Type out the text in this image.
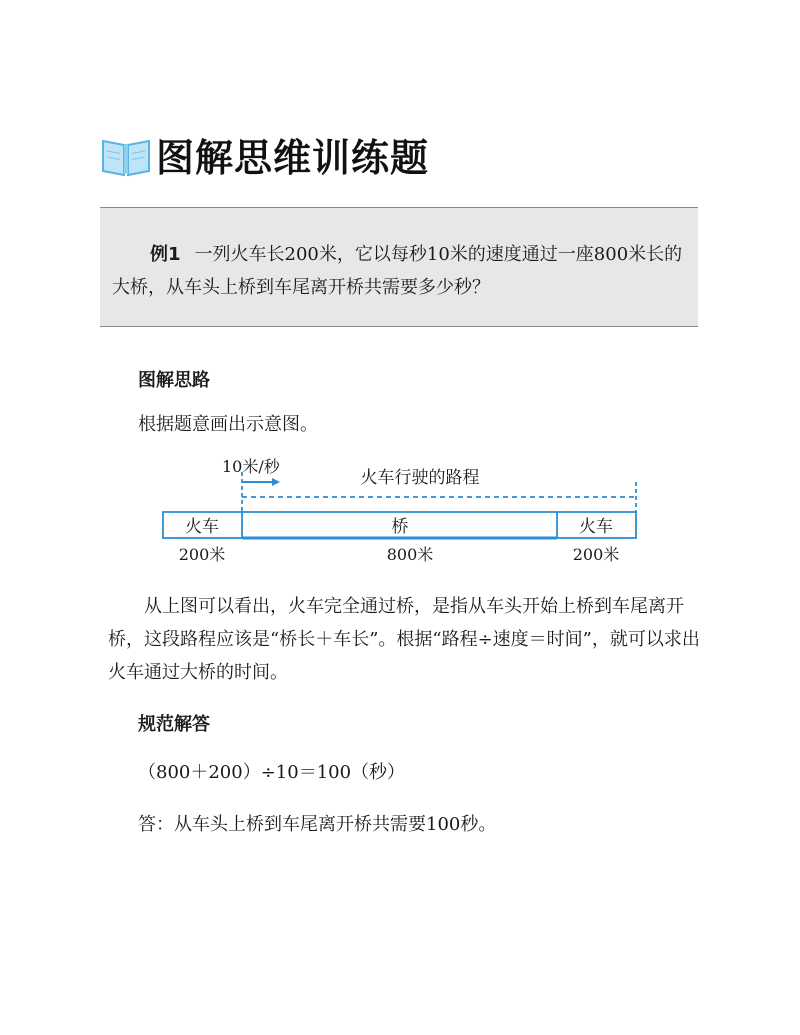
图解思维训练题
例1 一列火车长200米，它以每秒10米的速度通过一座800米长的大桥，从车头上桥到车尾离开桥共需要多少秒？
图解思路
根据题意画出示意图。
10米/秒
火车行驶的路程
火车	桥	火车
200米	800米	200米
从上图可以看出，火车完全通过桥，是指从车头开始上桥到车尾离开桥，这段路程应该是“桥长＋车长”。根据“路程÷速度＝时间”，就可以求出火车通过大桥的时间。
规范解答
（800＋200）÷10＝100（秒）
答：从车头上桥到车尾离开桥共需要100秒。
